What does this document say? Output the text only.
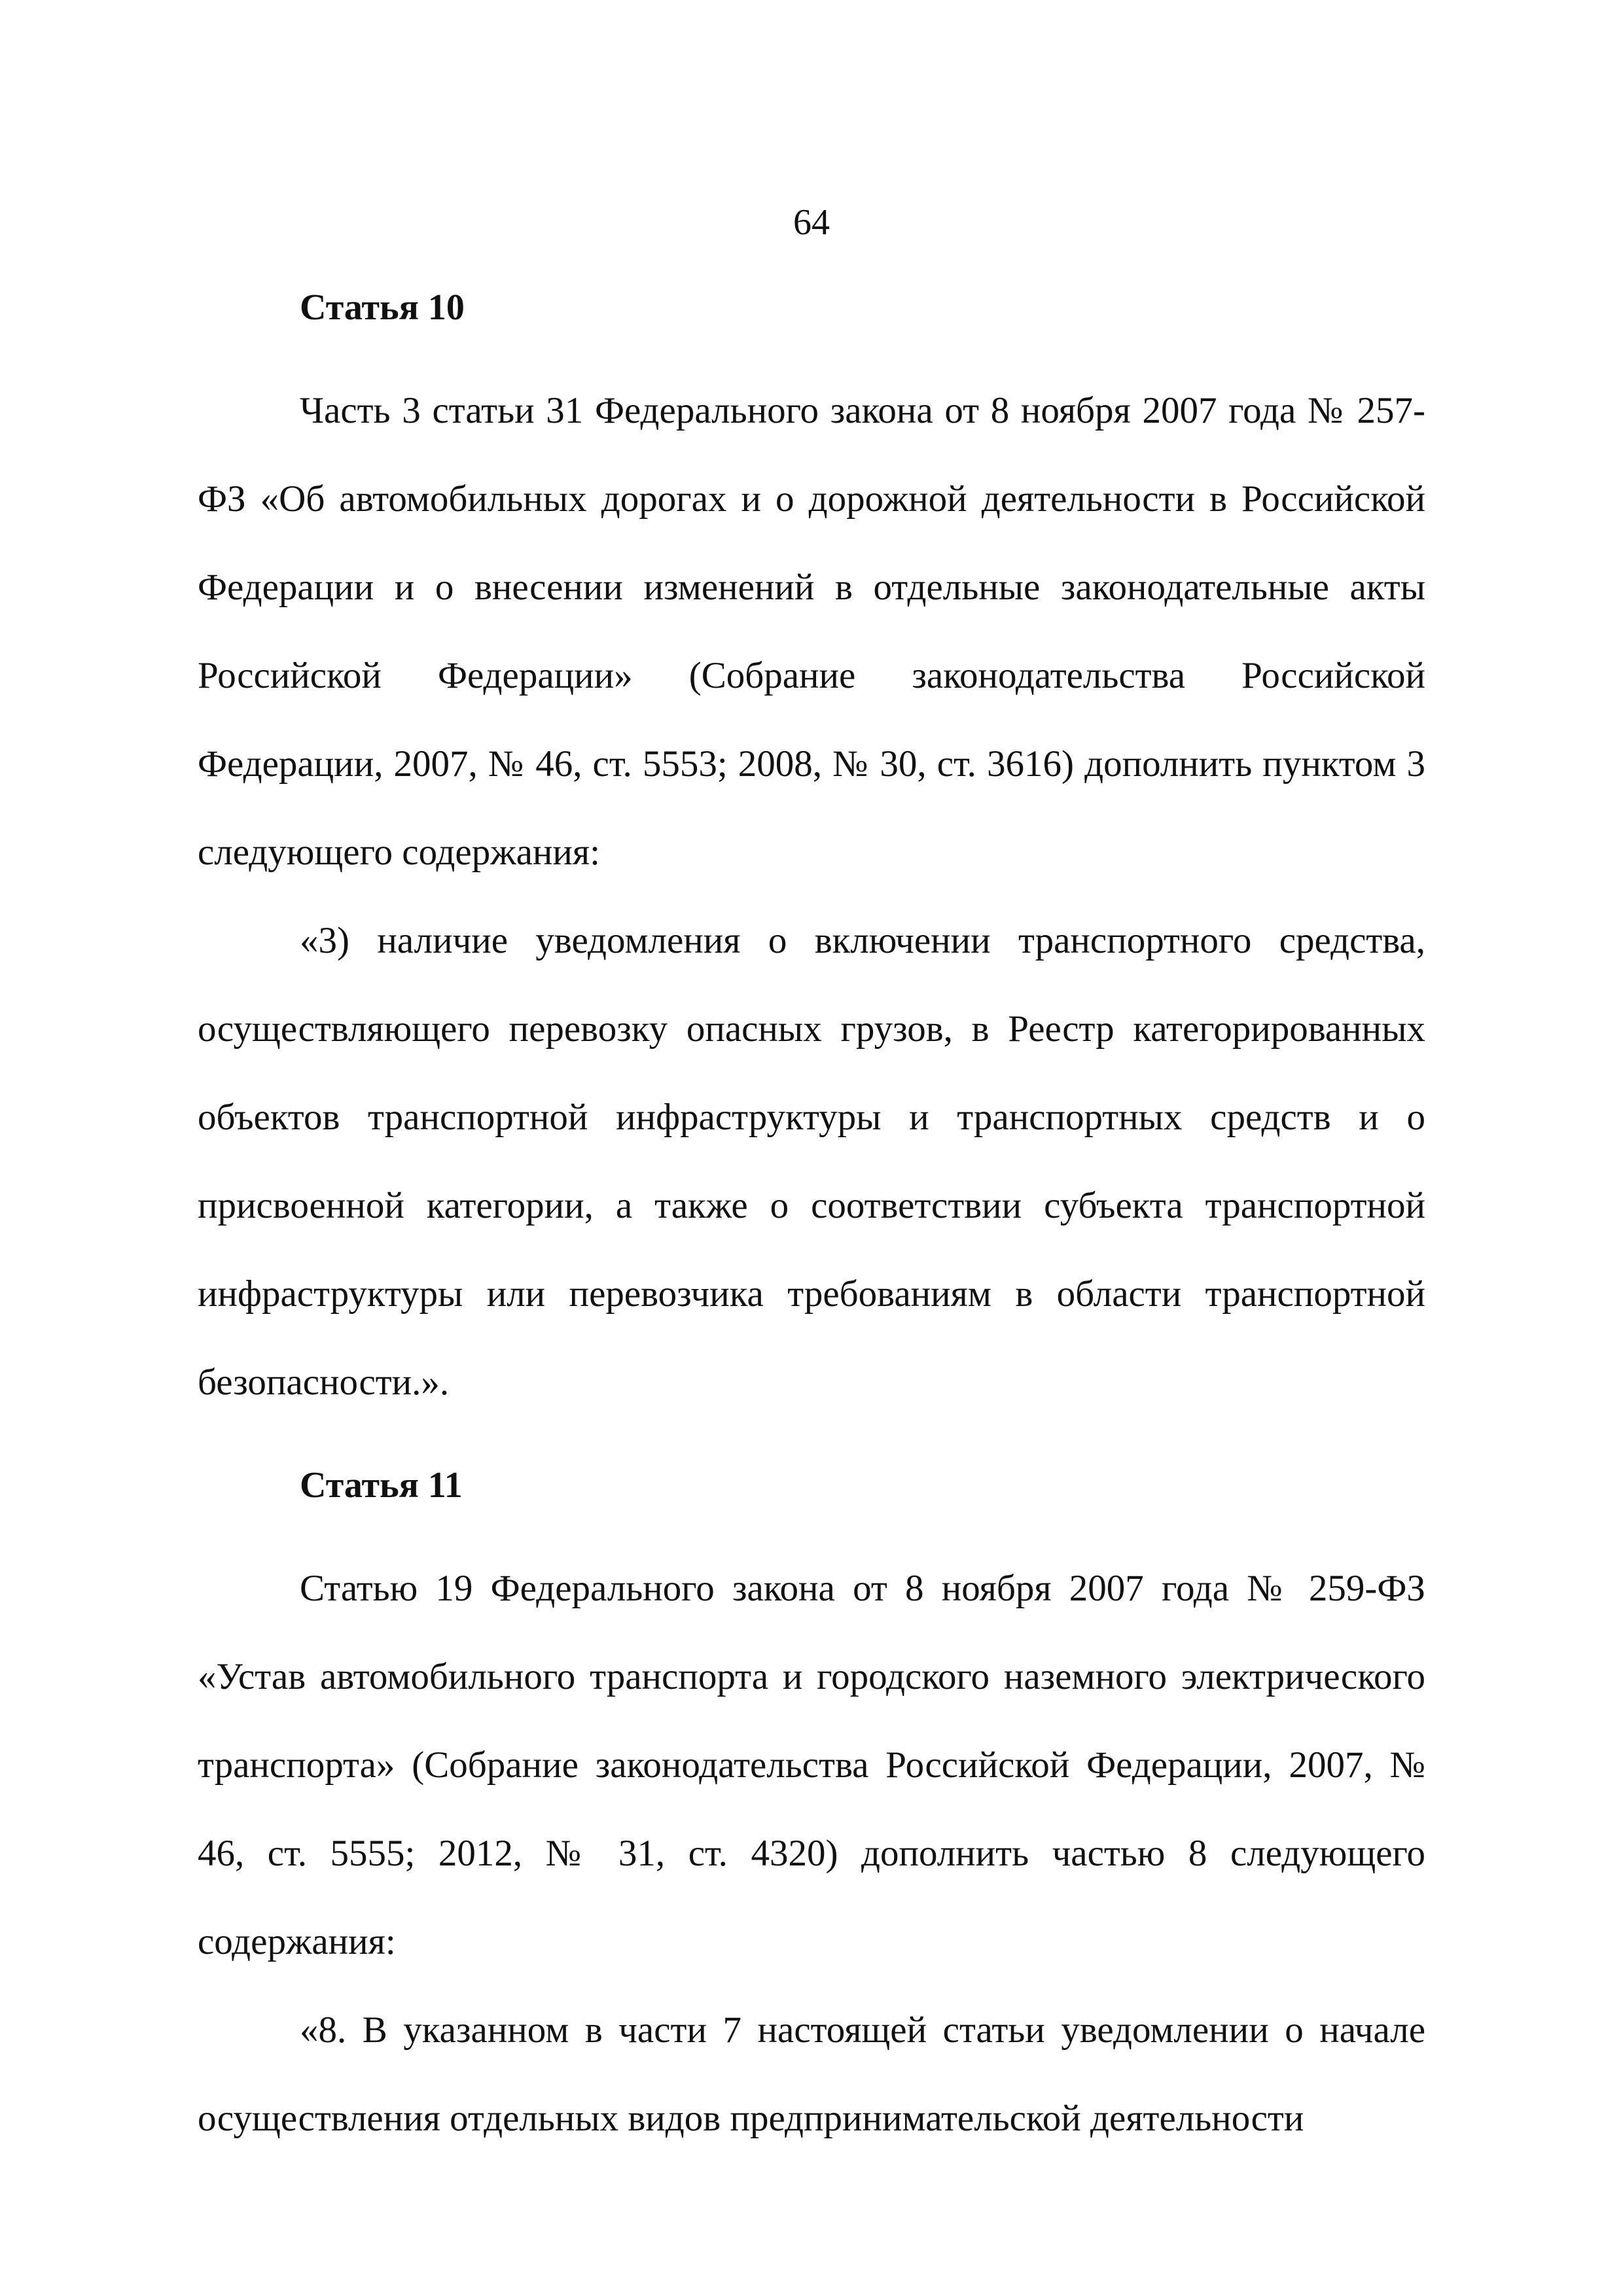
64

Статья 10

Часть 3 статьи 31 Федерального закона от 8 ноября 2007 года № 257-ФЗ «Об автомобильных дорогах и о дорожной деятельности в Российской Федерации и о внесении изменений в отдельные законодательные акты Российской Федерации» (Собрание законодательства Российской Федерации, 2007, № 46, ст. 5553; 2008, № 30, ст. 3616) дополнить пунктом 3 следующего содержания:

«3) наличие уведомления о включении транспортного средства, осуществляющего перевозку опасных грузов, в Реестр категорированных объектов транспортной инфраструктуры и транспортных средств и о присвоенной категории, а также о соответствии субъекта транспортной инфраструктуры или перевозчика требованиям в области транспортной безопасности.».

Статья 11

Статью 19 Федерального закона от 8 ноября 2007 года № 259-ФЗ «Устав автомобильного транспорта и городского наземного электрического транспорта» (Собрание законодательства Российской Федерации, 2007, № 46, ст. 5555; 2012, № 31, ст. 4320) дополнить частью 8 следующего содержания:

«8. В указанном в части 7 настоящей статьи уведомлении о начале осуществления отдельных видов предпринимательской деятельности
